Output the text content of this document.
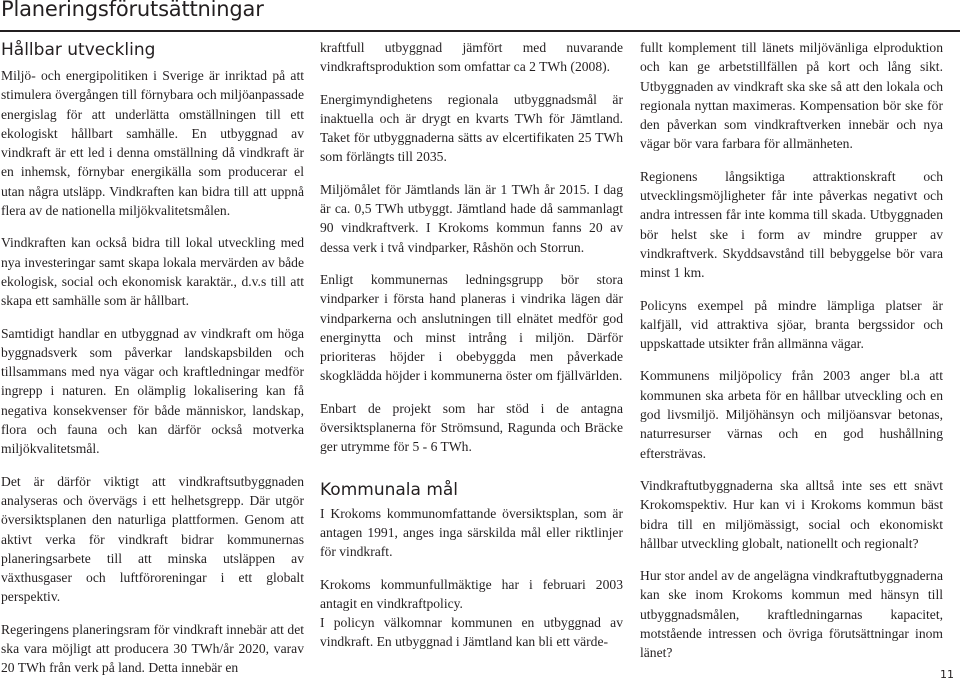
Planeringsförutsättningar
Hållbar utveckling

Miljö- och energipolitiken i Sverige är inriktad på att stimulera övergången till förnybara och miljöanpassade energislag för att underlätta omställningen till ett ekologiskt hållbart samhälle. En utbyggnad av vindkraft är ett led i denna omställning då vindkraft är en inhemsk, förnybar energikälla som producerar el utan några utsläpp. Vindkraften kan bidra till att uppnå flera av de nationella miljökvalitetsmålen.

Vindkraften kan också bidra till lokal utveckling med nya investeringar samt skapa lokala mervärden av både ekologisk, social och ekonomisk karaktär., d.v.s till att skapa ett samhälle som är hållbart.

Samtidigt handlar en utbyggnad av vindkraft om höga byggnadsverk som påverkar landskapsbilden och tillsammans med nya vägar och kraftledningar medför ingrepp i naturen. En olämplig lokalisering kan få negativa konsekvenser för både människor, landskap, flora och fauna och kan därför också motverka miljökvalitetsmål.

Det är därför viktigt att vindkraftsutbyggnaden analyseras och övervägs i ett helhetsgrepp. Där utgör översiktsplanen den naturliga plattformen. Genom att aktivt verka för vindkraft bidrar kommunernas planeringsarbete till att minska utsläppen av växthusgaser och luftföroreningar i ett globalt perspektiv.

Regeringens planeringsram för vindkraft innebär att det ska vara möjligt att producera 30 TWh/år 2020, varav 20 TWh från verk på land. Detta innebär en

kraftfull utbyggnad jämfört med nuvarande vindkraftsproduktion som omfattar ca 2 TWh (2008).

Energimyndighetens regionala utbyggnadsmål är inaktuella och är drygt en kvarts TWh för Jämtland. Taket för utbyggnaderna sätts av elcertifikaten 25 TWh som förlängts till 2035.

Miljömålet för Jämtlands län är 1 TWh år 2015. I dag är ca. 0,5 TWh utbyggt. Jämtland hade då sammanlagt 90 vindkraftverk. I Krokoms kommun fanns 20 av dessa verk i två vindparker, Råshön och Storrun.

Enligt kommunernas ledningsgrupp bör stora vindparker i första hand planeras i vindrika lägen där vindparkerna och anslutningen till elnätet medför god energinytta och minst intrång i miljön. Därför prioriteras höjder i obebyggda men påverkade skogklädda höjder i kommunerna öster om fjällvärlden.

Enbart de projekt som har stöd i de antagna översiktsplanerna för Strömsund, Ragunda och Bräcke ger utrymme för 5 - 6 TWh.

Kommunala mål

I Krokoms kommunomfattande översiktsplan, som är antagen 1991, anges inga särskilda mål eller riktlinjer för vindkraft.

Krokoms kommunfullmäktige har i februari 2003 antagit en vindkraftpolicy.

I policyn välkomnar kommunen en utbyggnad av vindkraft. En utbyggnad i Jämtland kan bli ett värde-

fullt komplement till länets miljövänliga elproduktion och kan ge arbetstillfällen på kort och lång sikt. Utbyggnaden av vindkraft ska ske så att den lokala och regionala nyttan maximeras. Kompensation bör ske för den påverkan som vindkraftverken innebär och nya vägar bör vara farbara för allmänheten.

Regionens långsiktiga attraktionskraft och utvecklingsmöjligheter får inte påverkas negativt och andra intressen får inte komma till skada. Utbyggnaden bör helst ske i form av mindre grupper av vindkraftverk. Skyddsavstånd till bebyggelse bör vara minst 1 km.

Policyns exempel på mindre lämpliga platser är kalfjäll, vid attraktiva sjöar, branta bergssidor och uppskattade utsikter från allmänna vägar.

Kommunens miljöpolicy från 2003 anger bl.a att kommunen ska arbeta för en hållbar utveckling och en god livsmiljö. Miljöhänsyn och miljöansvar betonas, naturresurser värnas och en god hushållning eftersträvas.

Vindkraftutbyggnaderna ska alltså inte ses ett snävt Krokomspektiv. Hur kan vi i Krokoms kommun bäst bidra till en miljömässigt, social och ekonomiskt hållbar utveckling globalt, nationellt och regionalt?

Hur stor andel av de angelägna vindkraftutbyggnaderna kan ske inom Krokoms kommun med hänsyn till utbyggnadsmålen, kraftledningarnas kapacitet, motstående intressen och övriga förutsättningar inom länet?

11
